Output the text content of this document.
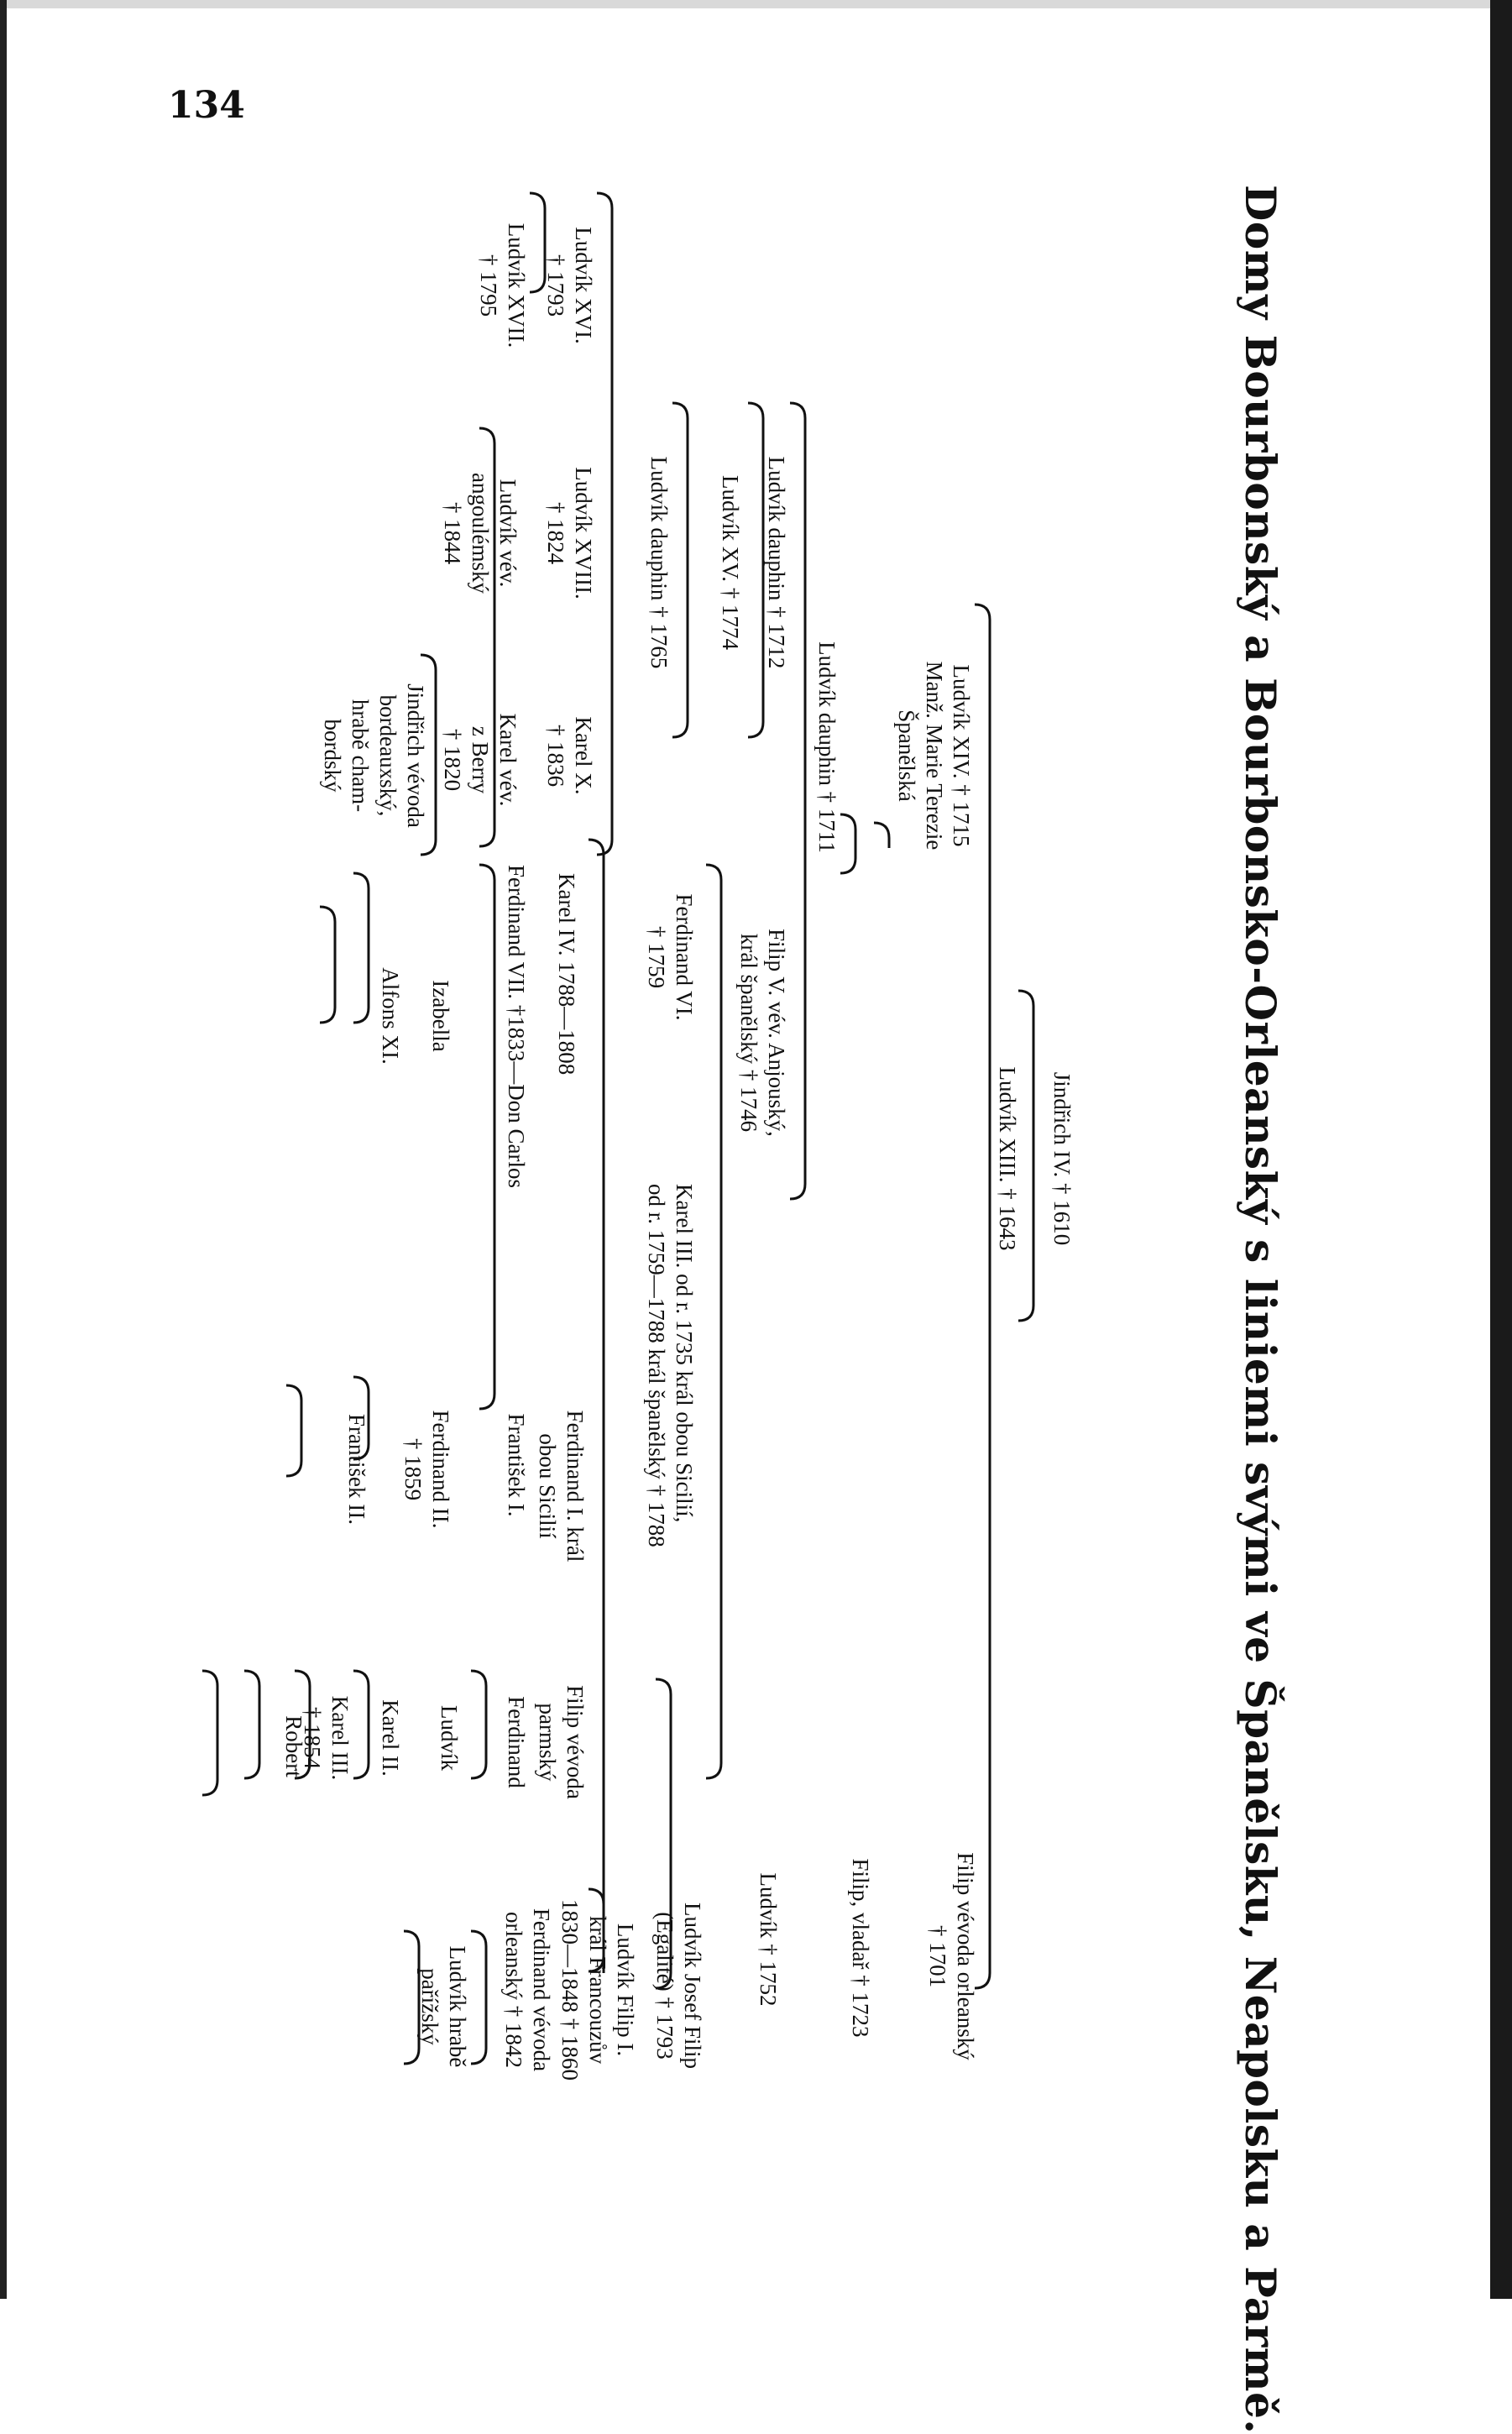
134
Domy Bourbonský a Bourbonsko-Orleanský s liniemi svými ve Španělsku, Neapolsku a Parmě.
Jindřich IV. † 1610
Ludvík XIII. † 1643
Ludvík XIV. † 1715
Manž. Marie Terezie
Španělská
Filip vévoda orleanský
† 1701
Ludvík dauphin † 1711
Filip, vladař † 1723
Ludvík dauphin † 1712
Filip V. vév. Anjouský,
král španělský † 1746
Ludvík † 1752
Ludvík XV. † 1774
Ferdinand VI.
† 1759
Karel III. od r. 1735 král obou Sicilií,
od r. 1759—1788 král španělský † 1788
Ludvík Josef Filip
(Egalité) † 1793
Ludvík dauphin † 1765
Ludvík Filip I.
král Francouzův
1830—1848 † 1860
Ludvík XVI.
† 1793
Ludvík XVIII.
† 1824
Karel X.
† 1836
Karel IV. 1788—1808
Ferdinand I. král
obou Sicilií
Filip vévoda
parmský
Ferdinand vévoda
orleanský † 1842
Ludvík XVII.
† 1795
Ludvík vév.
angoulémský
† 1844
Karel vév.
z Berry
† 1820
Ferdinand VII. †1833—Don Carlos
František I.
Ferdinand
Ludvík hrabě
pařížský
Izabella
Ferdinand II.
† 1859
Ludvík
Jindřich vévoda
bordeauxský,
hrabě cham-
bordský
Alfons XI.
Karel II.
Karel III.
† 1854
František II.
Robert
